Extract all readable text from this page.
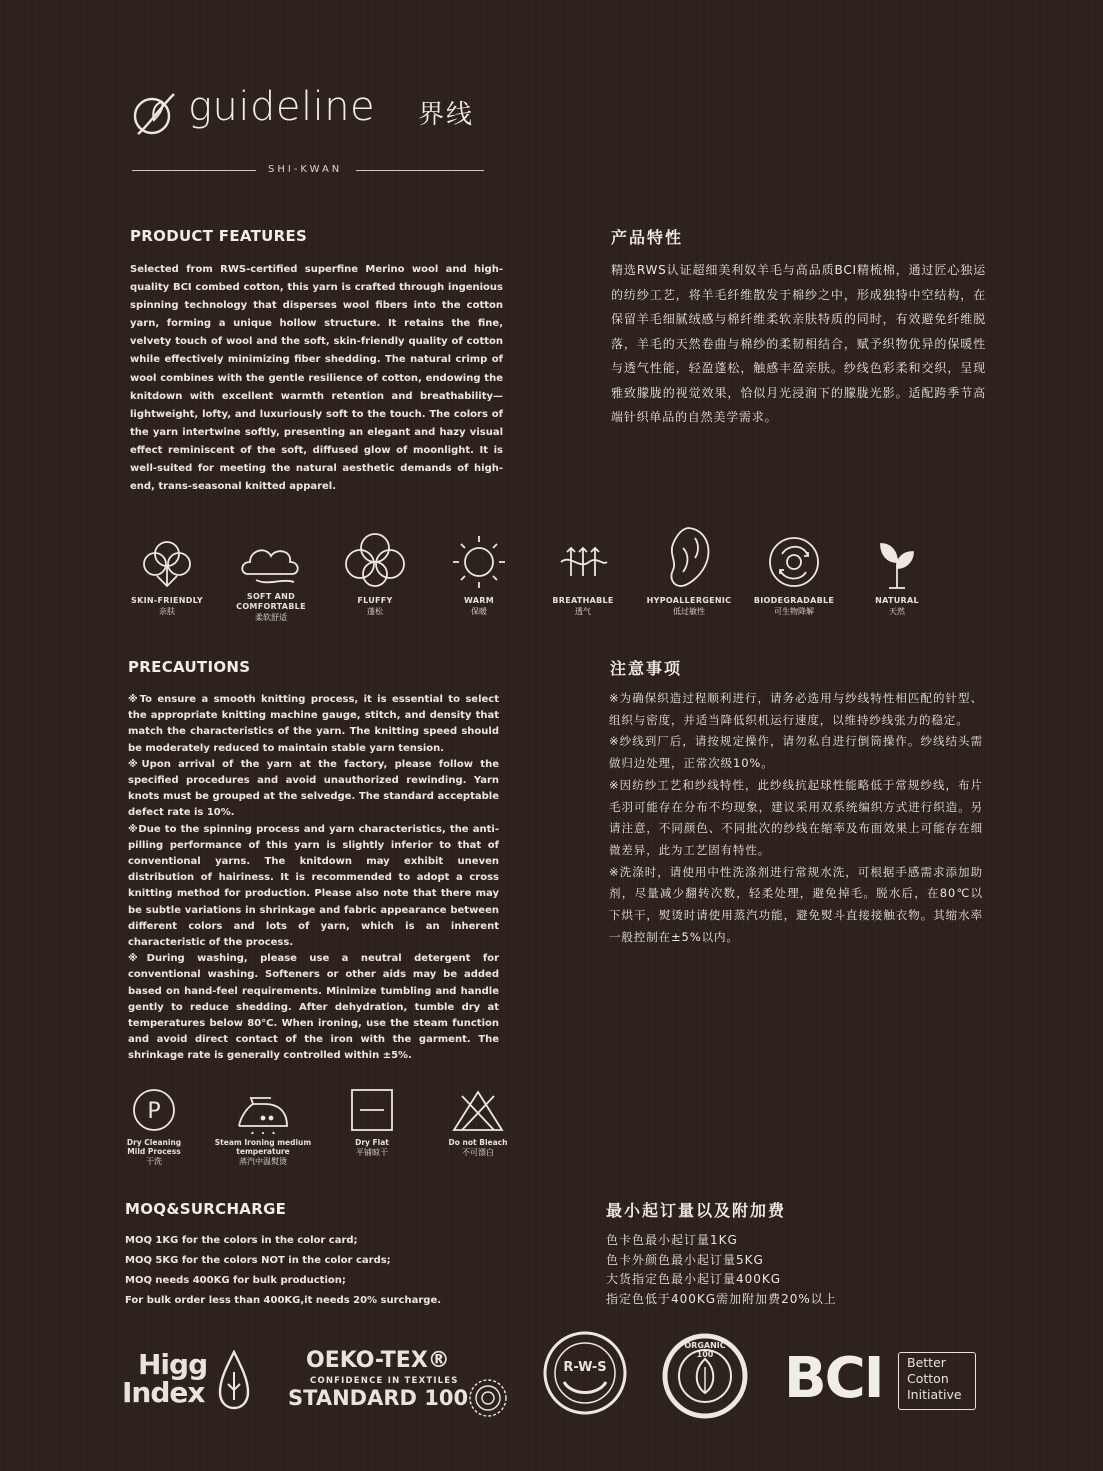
guideline 界线
SHI-KWAN
PRODUCT FEATURES

Selected from RWS-certified superfine Merino wool and high-quality BCI combed cotton, this yarn is crafted through ingenious spinning technology that disperses wool fibers into the cotton yarn, forming a unique hollow structure. It retains the fine, velvety touch of wool and the soft, skin-friendly quality of cotton while effectively minimizing fiber shedding. The natural crimp of wool combines with the gentle resilience of cotton, endowing the knitdown with excellent warmth retention and breathability—lightweight, lofty, and luxuriously soft to the touch. The colors of the yarn intertwine softly, presenting an elegant and hazy visual effect reminiscent of the soft, diffused glow of moonlight. It is well-suited for meeting the natural aesthetic demands of high-end, trans-seasonal knitted apparel.

产品特性

精选RWS认证超细美利奴羊毛与高品质BCI精梳棉，通过匠心独运的纺纱工艺，将羊毛纤维散发于棉纱之中，形成独特中空结构，在保留羊毛细腻绒感与棉纤维柔软亲肤特质的同时，有效避免纤维脱落，羊毛的天然卷曲与棉纱的柔韧相结合，赋予织物优异的保暖性与透气性能，轻盈蓬松，触感丰盈亲肤。纱线色彩柔和交织，呈现雅致朦胧的视觉效果，恰似月光浸润下的朦胧光影。适配跨季节高端针织单品的自然美学需求。

SKIN-FRIENDLY
亲肤
SOFT AND COMFORTABLE
柔软舒适
FLUFFY
蓬松
WARM
保暖
BREATHABLE
透气
HYPOALLERGENIC
低过敏性
BIODEGRADABLE
可生物降解
NATURAL
天然
PRECAUTIONS

※To ensure a smooth knitting process, it is essential to select the appropriate knitting machine gauge, stitch, and density that match the characteristics of the yarn. The knitting speed should be moderately reduced to maintain stable yarn tension.
※Upon arrival of the yarn at the factory, please follow the specified procedures and avoid unauthorized rewinding. Yarn knots must be grouped at the selvedge. The standard acceptable defect rate is 10%.
※Due to the spinning process and yarn characteristics, the anti-pilling performance of this yarn is slightly inferior to that of conventional yarns. The knitdown may exhibit uneven distribution of hairiness. It is recommended to adopt a cross knitting method for production. Please also note that there may be subtle variations in shrinkage and fabric appearance between different colors and lots of yarn, which is an inherent characteristic of the process.
※During washing, please use a neutral detergent for conventional washing. Softeners or other aids may be added based on hand-feel requirements. Minimize tumbling and handle gently to reduce shedding. After dehydration, tumble dry at temperatures below 80°C. When ironing, use the steam function and avoid direct contact of the iron with the garment. The shrinkage rate is generally controlled within ±5%.

注意事项

※为确保织造过程顺利进行，请务必选用与纱线特性相匹配的针型、组织与密度，并适当降低织机运行速度，以维持纱线张力的稳定。
※纱线到厂后，请按规定操作，请勿私自进行倒筒操作。纱线结头需做归边处理，正常次级10%。
※因纺纱工艺和纱线特性，此纱线抗起球性能略低于常规纱线，布片毛羽可能存在分布不均现象，建议采用双系统编织方式进行织造。另请注意，不同颜色、不同批次的纱线在缩率及布面效果上可能存在细微差异，此为工艺固有特性。
※洗涤时，请使用中性洗涤剂进行常规水洗，可根据手感需求添加助剂，尽量减少翻转次数，轻柔处理，避免掉毛。脱水后，在80℃以下烘干，熨烫时请使用蒸汽功能，避免熨斗直接接触衣物。其缩水率一般控制在±5%以内。

P
Dry Cleaning Mild Process
干洗
Steam Ironing medium temperature
蒸汽中温熨烫
Dry Flat
平铺晾干
Do not Bleach
不可漂白
MOQ&SURCHARGE
MOQ 1KG for the colors in the color card;
MOQ 5KG for the colors NOT in the color cards;
MOQ needs 400KG for bulk production;
For bulk order less than 400KG,it needs 20% surcharge.
最小起订量以及附加费
色卡色最小起订量1KG
色卡外颜色最小起订量5KG
大货指定色最小起订量400KG
指定色低于400KG需加附加费20%以上
Higg
Index
OEKO-TEX®
CONFIDENCE IN TEXTILES
STANDARD 100
R-W-S
ORGANIC 100 BCI Better
Cotton
Initiative
